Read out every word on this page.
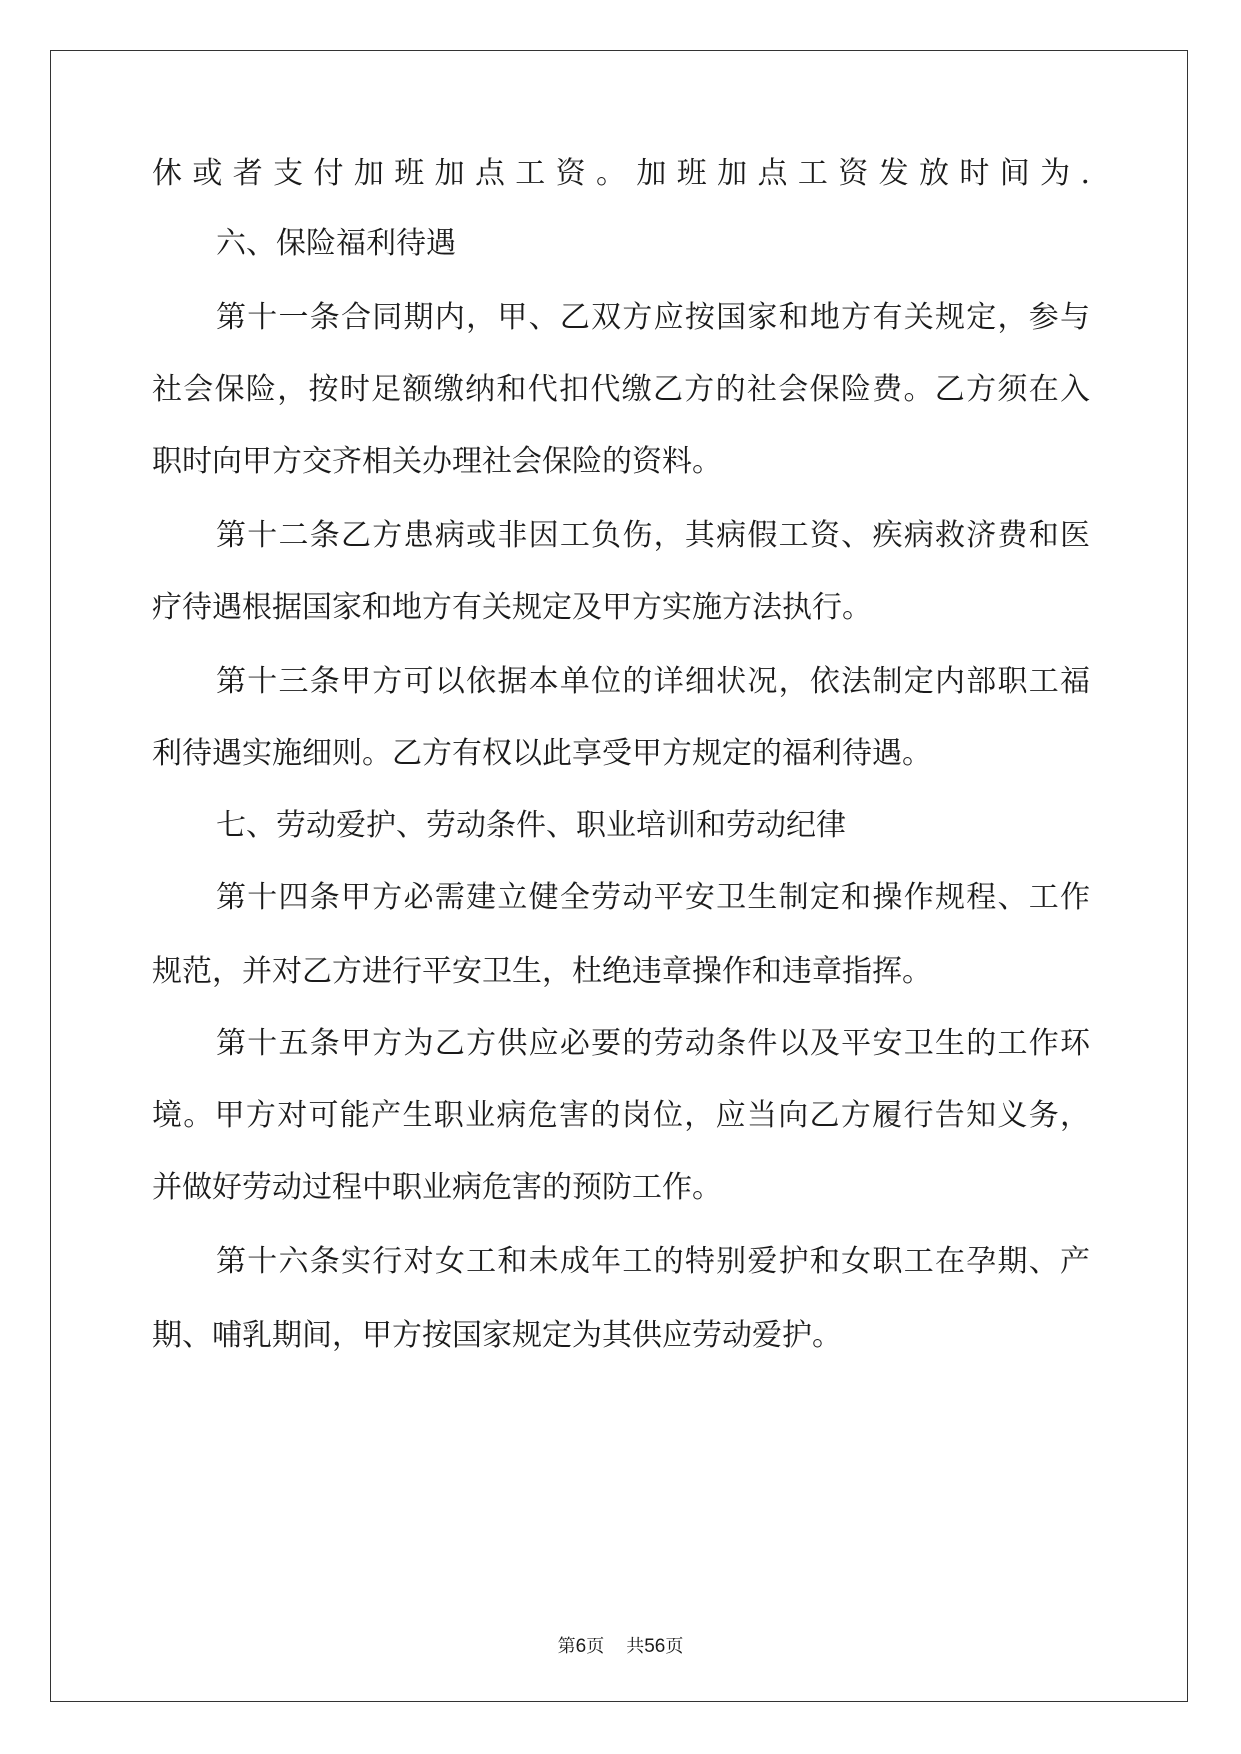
休或者支付加班加点工资。加班加点工资发放时间为.
六、保险福利待遇
第十一条合同期内，甲、乙双方应按国家和地方有关规定，参与
社会保险，按时足额缴纳和代扣代缴乙方的社会保险费。乙方须在入
职时向甲方交齐相关办理社会保险的资料。
第十二条乙方患病或非因工负伤，其病假工资、疾病救济费和医
疗待遇根据国家和地方有关规定及甲方实施方法执行。
第十三条甲方可以依据本单位的详细状况，依法制定内部职工福
利待遇实施细则。乙方有权以此享受甲方规定的福利待遇。
七、劳动爱护、劳动条件、职业培训和劳动纪律
第十四条甲方必需建立健全劳动平安卫生制定和操作规程、工作
规范，并对乙方进行平安卫生，杜绝违章操作和违章指挥。
第十五条甲方为乙方供应必要的劳动条件以及平安卫生的工作环
境。甲方对可能产生职业病危害的岗位，应当向乙方履行告知义务，
并做好劳动过程中职业病危害的预防工作。
第十六条实行对女工和未成年工的特别爱护和女职工在孕期、产
期、哺乳期间，甲方按国家规定为其供应劳动爱护。
第6页 共56页
